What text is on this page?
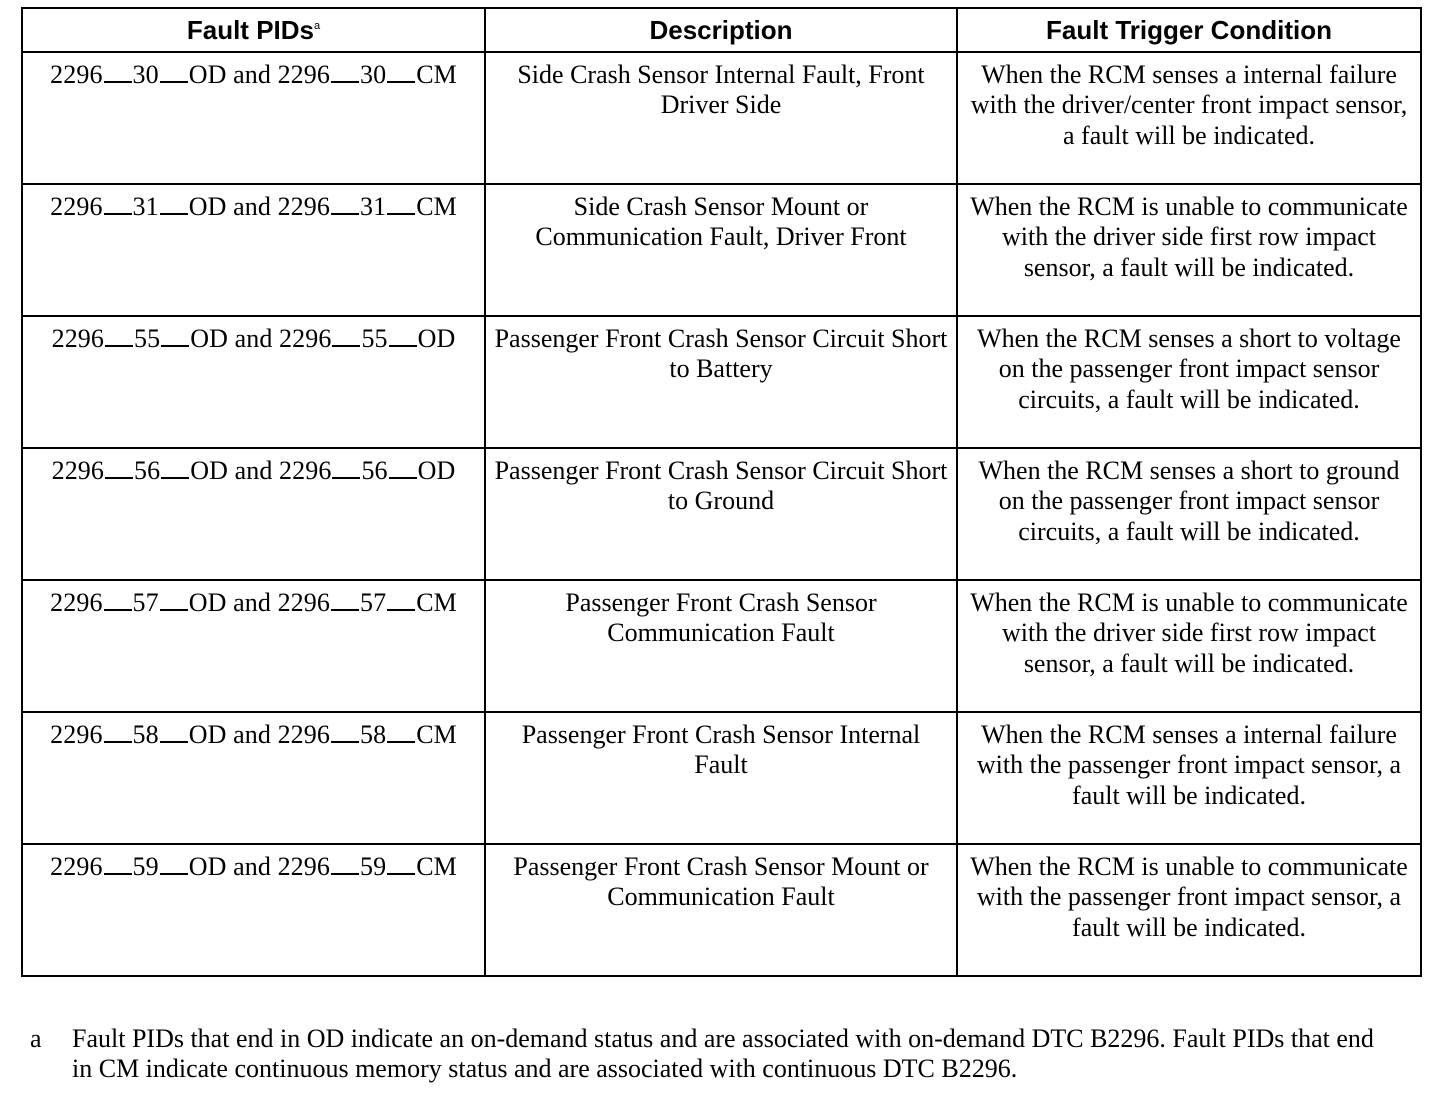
Fault PIDs$^a$	Description	Fault Trigger Condition
2296 30 OD and 2296 30 CM	Side Crash Sensor Internal Fault, Front Driver Side	When the RCM senses a internal failure with the driver/center front impact sensor, a fault will be indicated.
2296 31 OD and 2296 31 CM	Side Crash Sensor Mount or Communication Fault, Driver Front	When the RCM is unable to communicate with the driver side first row impact sensor, a fault will be indicated.
2296 55 OD and 2296 55 OD	Passenger Front Crash Sensor Circuit Short to Battery	When the RCM senses a short to voltage on the passenger front impact sensor circuits, a fault will be indicated.
2296 56 OD and 2296 56 OD	Passenger Front Crash Sensor Circuit Short to Ground	When the RCM senses a short to ground on the passenger front impact sensor circuits, a fault will be indicated.
2296 57 OD and 2296 57 CM	Passenger Front Crash Sensor Communication Fault	When the RCM is unable to communicate with the driver side first row impact sensor, a fault will be indicated.
2296 58 OD and 2296 58 CM	Passenger Front Crash Sensor Internal Fault	When the RCM senses a internal failure with the passenger front impact sensor, a fault will be indicated.
2296 59 OD and 2296 59 CM	Passenger Front Crash Sensor Mount or Communication Fault	When the RCM is unable to communicate with the passenger front impact sensor, a fault will be indicated.
a Fault PIDs that end in OD indicate an on-demand status and are associated with on-demand DTC B2296. Fault PIDs that end in CM indicate continuous memory status and are associated with continuous DTC B2296.
